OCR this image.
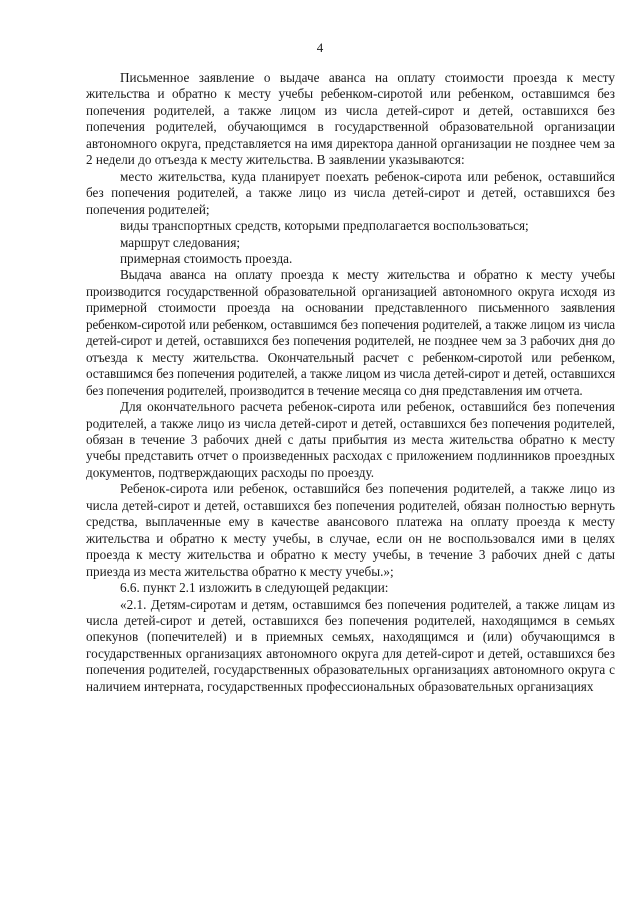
4

Письменное заявление о выдаче аванса на оплату стоимости проезда к месту жительства и обратно к месту учебы ребенком-сиротой или ребенком, оставшимся без попечения родителей, а также лицом из числа детей-сирот и детей, оставшихся без попечения родителей, обучающимся в государственной образовательной организации автономного округа, представляется на имя директора данной организации не позднее чем за 2 недели до отъезда к месту жительства. В заявлении указываются:

место жительства, куда планирует поехать ребенок-сирота или ребенок, оставшийся без попечения родителей, а также лицо из числа детей-сирот и детей, оставшихся без попечения родителей;

виды транспортных средств, которыми предполагается воспользоваться;

маршрут следования;

примерная стоимость проезда.

Выдача аванса на оплату проезда к месту жительства и обратно к месту учебы производится государственной образовательной организацией автономного округа исходя из примерной стоимости проезда на основании представленного письменного заявления ребенком-сиротой или ребенком, оставшимся без попечения родителей, а также лицом из числа детей-сирот и детей, оставшихся без попечения родителей, не позднее чем за 3 рабочих дня до отъезда к месту жительства. Окончательный расчет с ребенком-сиротой или ребенком, оставшимся без попечения родителей, а также лицом из числа детей-сирот и детей, оставшихся без попечения родителей, производится в течение месяца со дня представления им отчета.

Для окончательного расчета ребенок-сирота или ребенок, оставшийся без попечения родителей, а также лицо из числа детей-сирот и детей, оставшихся без попечения родителей, обязан в течение 3 рабочих дней с даты прибытия из места жительства обратно к месту учебы представить отчет о произведенных расходах с приложением подлинников проездных документов, подтверждающих расходы по проезду.

Ребенок-сирота или ребенок, оставшийся без попечения родителей, а также лицо из числа детей-сирот и детей, оставшихся без попечения родителей, обязан полностью вернуть средства, выплаченные ему в качестве авансового платежа на оплату проезда к месту жительства и обратно к месту учебы, в случае, если он не воспользовался ими в целях проезда к месту жительства и обратно к месту учебы, в течение 3 рабочих дней с даты приезда из места жительства обратно к месту учебы.»;

6.6. пункт 2.1 изложить в следующей редакции:

«2.1. Детям-сиротам и детям, оставшимся без попечения родителей, а также лицам из числа детей-сирот и детей, оставшихся без попечения родителей, находящимся в семьях опекунов (попечителей) и в приемных семьях, находящимся и (или) обучающимся в государственных организациях автономного округа для детей-сирот и детей, оставшихся без попечения родителей, государственных образовательных организациях автономного округа с наличием интерната, государственных профессиональных образовательных организациях
